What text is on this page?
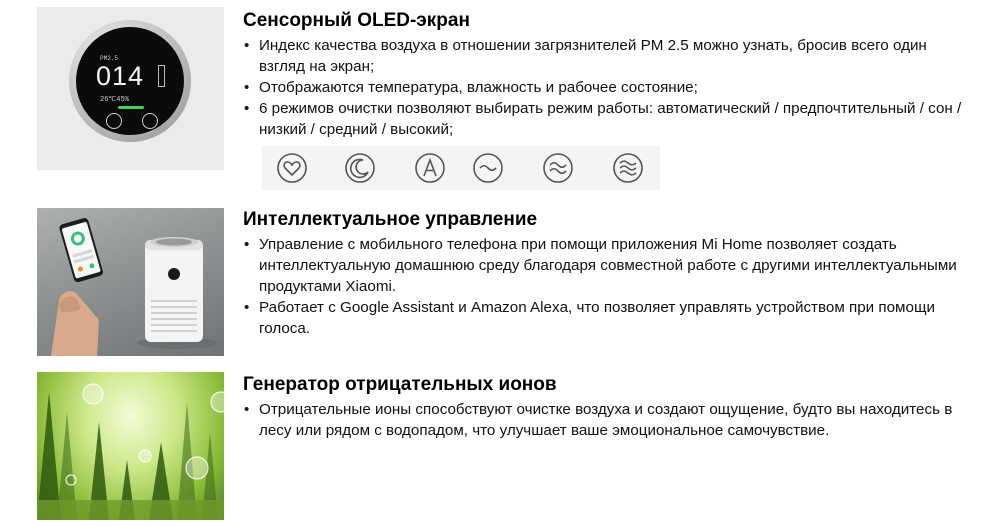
PM2.5
014
26℃45%
Сенсорный OLED-экран
• Индекс качества воздуха в отношении загрязнителей PM 2.5 можно узнать, бросив всего один взгляд на экран;
• Отображаются температура, влажность и рабочее состояние;
• 6 режимов очистки позволяют выбирать режим работы: автоматический / предпочтительный / сон / низкий / средний / высокий;
Интеллектуальное управление
• Управление с мобильного телефона при помощи приложения Mi Home позволяет создать интеллектуальную домашнюю среду благодаря совместной работе с другими интеллектуальными продуктами Xiaomi.
• Работает с Google Assistant и Amazon Alexa, что позволяет управлять устройством при помощи голоса.
Генератор отрицательных ионов
• Отрицательные ионы способствуют очистке воздуха и создают ощущение, будто вы находитесь в лесу или рядом с водопадом, что улучшает ваше эмоциональное самочувствие.
